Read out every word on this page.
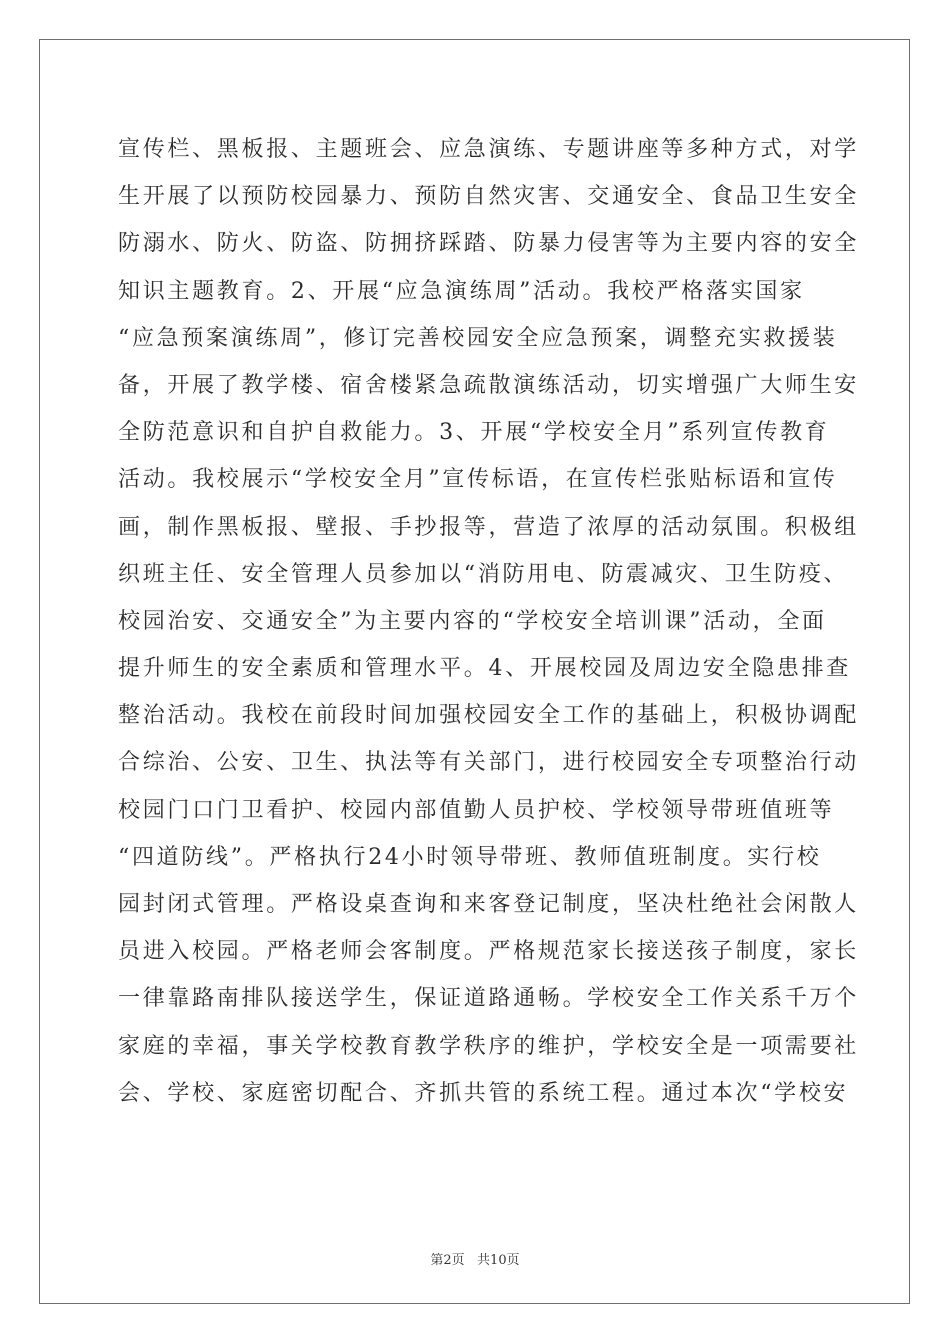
宣传栏、黑板报、主题班会、应急演练、专题讲座等多种方式，对学
生开展了以预防校园暴力、预防自然灾害、交通安全、食品卫生安全
防溺水、防火、防盗、防拥挤踩踏、防暴力侵害等为主要内容的安全
知识主题教育。2、开展“应急演练周”活动。我校严格落实国家
“应急预案演练周”，修订完善校园安全应急预案，调整充实救援装
备，开展了教学楼、宿舍楼紧急疏散演练活动，切实增强广大师生安
全防范意识和自护自救能力。3、开展“学校安全月”系列宣传教育
活动。我校展示“学校安全月”宣传标语，在宣传栏张贴标语和宣传
画，制作黑板报、壁报、手抄报等，营造了浓厚的活动氛围。积极组
织班主任、安全管理人员参加以“消防用电、防震减灾、卫生防疫、
校园治安、交通安全”为主要内容的“学校安全培训课”活动，全面
提升师生的安全素质和管理水平。4、开展校园及周边安全隐患排查
整治活动。我校在前段时间加强校园安全工作的基础上，积极协调配
合综治、公安、卫生、执法等有关部门，进行校园安全专项整治行动
校园门口门卫看护、校园内部值勤人员护校、学校领导带班值班等
“四道防线”。严格执行24小时领导带班、教师值班制度。实行校
园封闭式管理。严格设桌查询和来客登记制度，坚决杜绝社会闲散人
员进入校园。严格老师会客制度。严格规范家长接送孩子制度，家长
一律靠路南排队接送学生，保证道路通畅。学校安全工作关系千万个
家庭的幸福，事关学校教育教学秩序的维护，学校安全是一项需要社
会、学校、家庭密切配合、齐抓共管的系统工程。通过本次“学校安
第2页   共10页
